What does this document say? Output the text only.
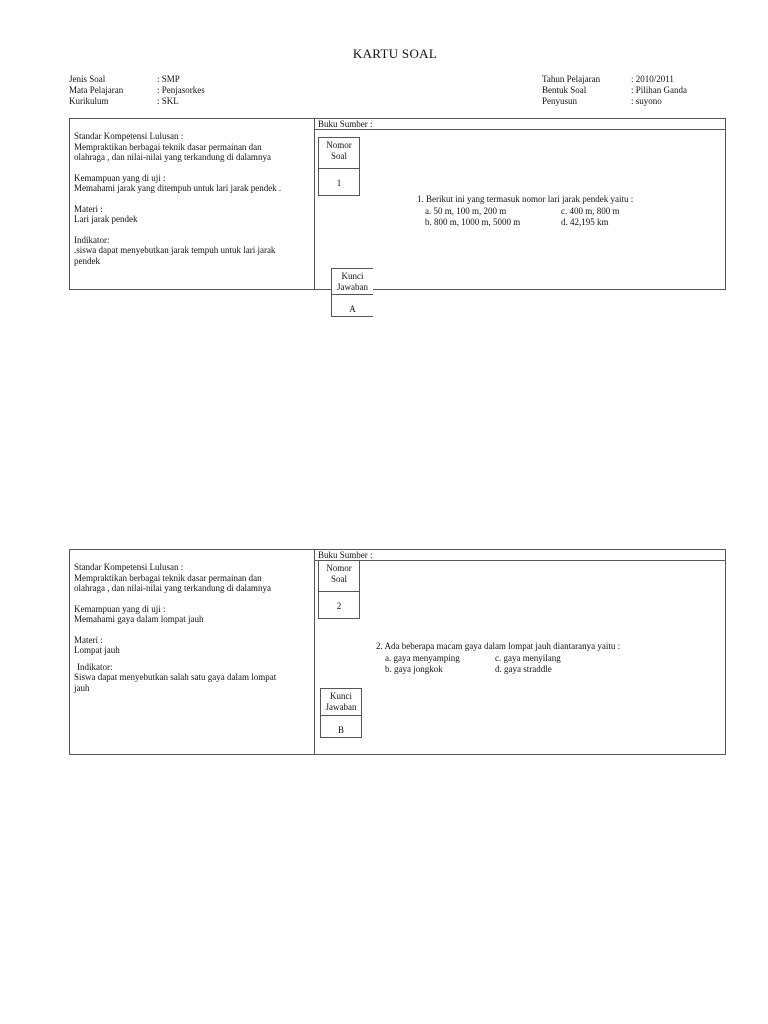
KARTU SOAL
Jenis Soal	: SMP
Mata Pelajaran	: Penjasorkes
Kurikulum	: SKL
Tahun Pelajaran	: 2010/2011
Bentuk Soal	: Pilihan Ganda
Penyusun	: suyono
Buku Sumber :

Standar Kompetensi Lulusan :

Mempraktikan berbagai teknik dasar permainan dan

olahraga , dan nilai-nilai yang terkandung di dalamnya

Kemampuan yang di uji :

Memahami jarak yang ditempuh untuk lari jarak pendek .

Materi :

Lari jarak pendek

Indikator:

.siswa dapat menyebutkan jarak tempuh untuk lari jarak

pendek

Nomor
Soal
1
1. Berikut ini yang termasuk nomor lari jarak pendek yaitu :
a. 50 m, 100 m, 200 m	c. 400 m, 800 m
b. 800 m, 1000 m, 5000 m	d. 42,195 km
Kunci
Jawaban
A
Buku Sumber :

Standar Kompetensi Lulusan :

Mempraktikan berbagai teknik dasar permainan dan

olahraga , dan nilai-nilai yang terkandung di dalamnya

Kemampuan yang di uji :

Memahami gaya dalam lompat jauh

Materi :

Lompat jauh

Indikator:

Siswa dapat menyebutkan salah satu gaya dalam lompat

jauh

Nomor
Soal
2
2. Ada beberapa macam gaya dalam lompat jauh diantaranya yaitu :
a. gaya menyamping	c. gaya menyilang
b. gaya jongkok	d. gaya straddle
Kunci
Jawaban
B
